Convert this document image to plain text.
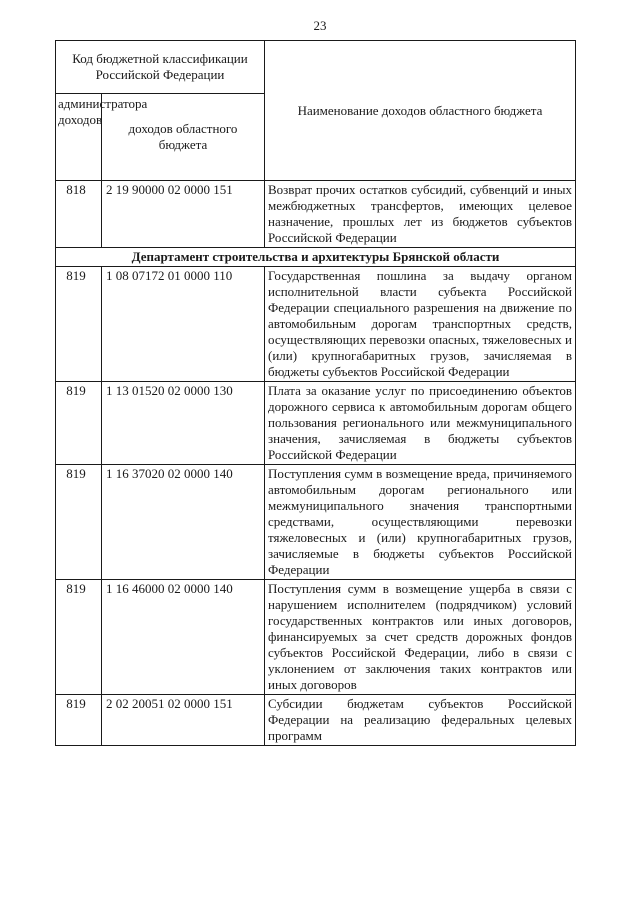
23
Код бюджетной классификации Российской Федерации		Наименование доходов областного бюджета
администратора доходов	доходов областного бюджета	
818	2 19 90000 02 0000 151	Возврат прочих остатков субсидий, субвенций и иных межбюджетных трансфертов, имеющих целевое назначение, прошлых лет из бюджетов субъектов Российской Федерации
Департамент строительства и архитектуры Брянской области		
819	1 08 07172 01 0000 110	Государственная пошлина за выдачу органом исполнительной власти субъекта Российской Федерации специального разрешения на движение по автомобильным дорогам транспортных средств, осуществляющих перевозки опасных, тяжеловесных и (или) крупногабаритных грузов, зачисляемая в бюджеты субъектов Российской Федерации
819	1 13 01520 02 0000 130	Плата за оказание услуг по присоединению объектов дорожного сервиса к автомобильным дорогам общего пользования регионального или межмуниципального значения, зачисляемая в бюджеты субъектов Российской Федерации
819	1 16 37020 02 0000 140	Поступления сумм в возмещение вреда, причиняемого автомобильным дорогам регионального или межмуниципального значения транспортными средствами, осуществляющими перевозки тяжеловесных и (или) крупногабаритных грузов, зачисляемые в бюджеты субъектов Российской Федерации
819	1 16 46000 02 0000 140	Поступления сумм в возмещение ущерба в связи с нарушением исполнителем (подрядчиком) условий государственных контрактов или иных договоров, финансируемых за счет средств дорожных фондов субъектов Российской Федерации, либо в связи с уклонением от заключения таких контрактов или иных договоров
819	2 02 20051 02 0000 151	Субсидии бюджетам субъектов Российской Федерации на реализацию федеральных целевых программ
